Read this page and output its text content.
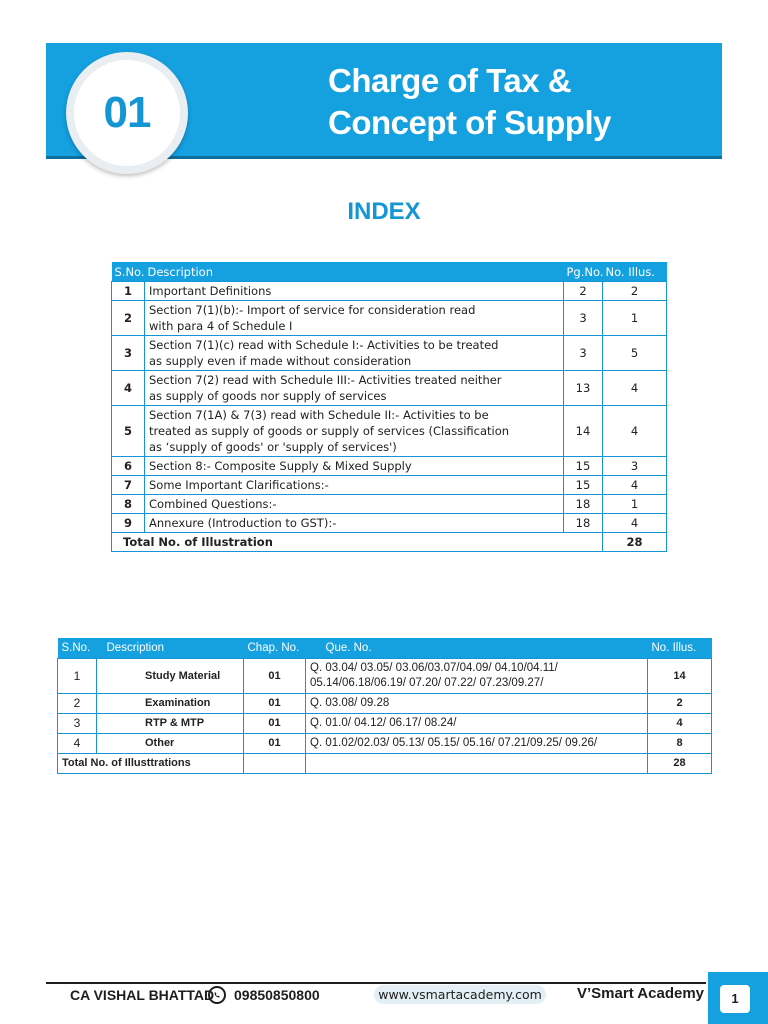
01
Charge of Tax &
Concept of Supply
INDEX
S.No.	Description	Pg.No.	No. Illus.
1	Important Definitions	2	2
2	Section 7(1)(b):- Import of service for consideration read
with para 4 of Schedule I	3	1
3	Section 7(1)(c) read with Schedule I:- Activities to be treated
as supply even if made without consideration	3	5
4	Section 7(2) read with Schedule III:- Activities treated neither
as supply of goods nor supply of services	13	4
5	Section 7(1A) & 7(3) read with Schedule II:- Activities to be
treated as supply of goods or supply of services (Classification
as ‘supply of goods' or 'supply of services')	14	4
6	Section 8:- Composite Supply & Mixed Supply	15	3
7	Some Important Clarifications:-	15	4
8	Combined Questions:-	18	1
9	Annexure (Introduction to GST):-	18	4
Total No. of Illustration			28
S.No.	Description	Chap. No.	Que. No.	No. Illus.
1	Study Material	01	Q. 03.04/ 03.05/ 03.06/03.07/04.09/ 04.10/04.11/
05.14/06.18/06.19/ 07.20/ 07.22/ 07.23/09.27/	14
2	Examination	01	Q. 03.08/ 09.28	2
3	RTP & MTP	01	Q. 01.0/ 04.12/ 06.17/ 08.24/	4
4	Other	01	Q. 01.02/02.03/ 05.13/ 05.15/ 05.16/ 07.21/09.25/ 09.26/	8
Total No. of Illusttrations				28
CA VISHAL BHATTAD 09850850800	www.vsmartacademy.com V’Smart Academy	1
